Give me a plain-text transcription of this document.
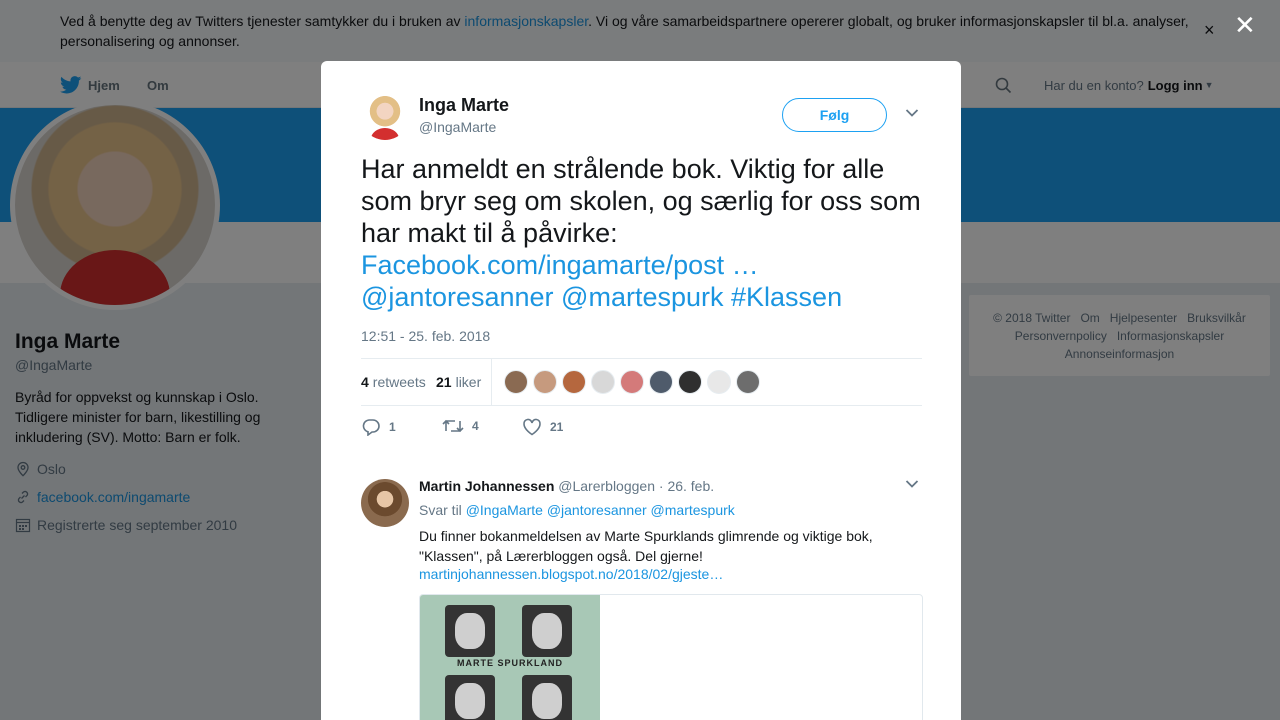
✕
Inga Marte
@IngaMarte
Følg
Har anmeldt en strålende bok. Viktig for alle som bryr seg om skolen, og særlig for oss som har makt til å påvirke: Facebook.com/ingamarte/post …
@jantoresanner @martespurk #Klassen
12:51 - 25. feb. 2018
4 retweets 21 liker
1	4	21
Martin Johannessen @Larerbloggen · 26. feb.
Svar til @IngaMarte @jantoresanner @martespurk
Du finner bokanmeldelsen av Marte Spurklands glimrende og viktige bok, "Klassen", på Lærerbloggen også. Del gjerne!
martinjohannessen.blogspot.no/2018/02/gjeste…
MARTE SPURKLAND
